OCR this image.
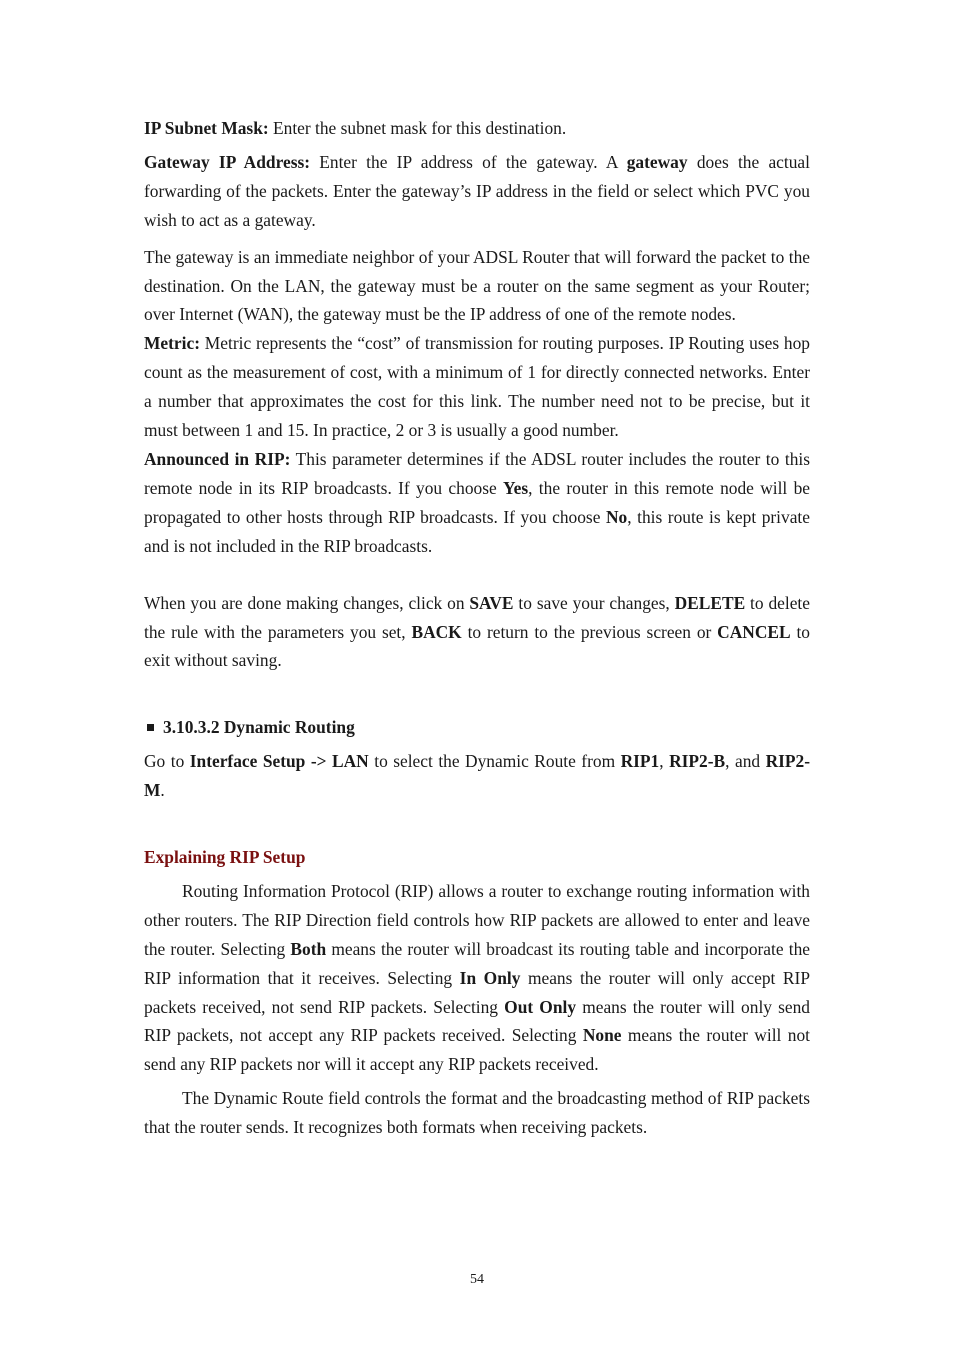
IP Subnet Mask: Enter the subnet mask for this destination.

Gateway IP Address: Enter the IP address of the gateway. A gateway does the actual forwarding of the packets. Enter the gateway’s IP address in the field or select which PVC you wish to act as a gateway.

The gateway is an immediate neighbor of your ADSL Router that will forward the packet to the destination. On the LAN, the gateway must be a router on the same segment as your Router; over Internet (WAN), the gateway must be the IP address of one of the remote nodes.

Metric: Metric represents the “cost” of transmission for routing purposes. IP Routing uses hop count as the measurement of cost, with a minimum of 1 for directly connected networks. Enter a number that approximates the cost for this link. The number need not to be precise, but it must between 1 and 15. In practice, 2 or 3 is usually a good number.

Announced in RIP: This parameter determines if the ADSL router includes the router to this remote node in its RIP broadcasts. If you choose Yes, the router in this remote node will be propagated to other hosts through RIP broadcasts. If you choose No, this route is kept private and is not included in the RIP broadcasts.

When you are done making changes, click on SAVE to save your changes, DELETE to delete the rule with the parameters you set, BACK to return to the previous screen or CANCEL to exit without saving.

3.10.3.2 Dynamic Routing

Go to Interface Setup -> LAN to select the Dynamic Route from RIP1, RIP2-B, and RIP2-M.

Explaining RIP Setup

Routing Information Protocol (RIP) allows a router to exchange routing information with other routers. The RIP Direction field controls how RIP packets are allowed to enter and leave the router. Selecting Both means the router will broadcast its routing table and incorporate the RIP information that it receives. Selecting In Only means the router will only accept RIP packets received, not send RIP packets. Selecting Out Only means the router will only send RIP packets, not accept any RIP packets received. Selecting None means the router will not send any RIP packets nor will it accept any RIP packets received.

The Dynamic Route field controls the format and the broadcasting method of RIP packets that the router sends. It recognizes both formats when receiving packets.

54
